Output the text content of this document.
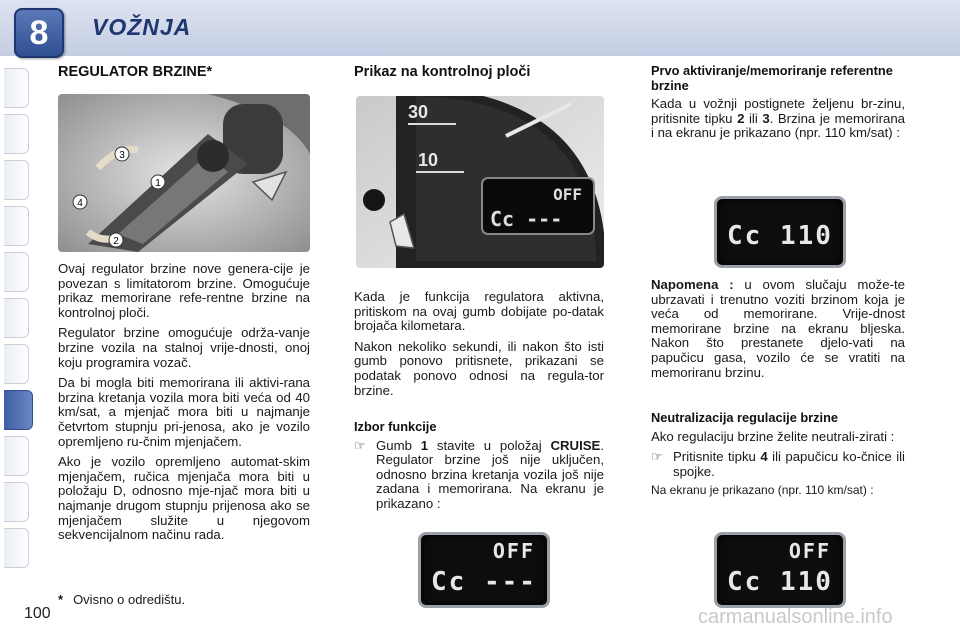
8	VOŽNJA
REGULATOR BRZINE*
3
1
4
2

Ovaj regulator brzine nove genera-cije je povezan s limitatorom brzine. Omogućuje prikaz memorirane refe-rentne brzine na kontrolnoj ploči.

Regulator brzine omogućuje održa-vanje brzine vozila na stalnoj vrije-dnosti, onoj koju programira vozač.

Da bi mogla biti memorirana ili aktivi-rana brzina kretanja vozila mora biti veća od 40 km/sat, a mjenjač mora biti u najmanje četvrtom stupnju pri-jenosa, ako je vozilo opremljeno ru-čnim mjenjačem.

Ako je vozilo opremljeno automat-skim mjenjačem, ručica mjenjača mora biti u položaju D, odnosno mje-njač mora biti u najmanje drugom stupnju prijenosa ako se mjenjačem služite u njegovom sekvencijalnom načinu rada.

* Ovisno o odredištu.
Prikaz na kontrolnoj ploči
30
10
OFF
Cc ---

Kada je funkcija regulatora aktivna, pritiskom na ovaj gumb dobijate po-datak brojača kilometara.

Nakon nekoliko sekundi, ili nakon što isti gumb ponovo pritisnete, prikazani se podatak ponovo odnosi na regula-tor brzine.

Izbor funkcije
☞ Gumb 1 stavite u položaj CRUISE. Regulator brzine još nije uključen, odnosno brzina kretanja vozila još nije zadana i memorirana. Na ekranu je prikazano :
OFF
Cc ---
Prvo aktiviranje/memoriranje referentne brzine

Kada u vožnji postignete željenu br-zinu, pritisnite tipku 2 ili 3. Brzina je memorirana i na ekranu je prikazano (npr. 110 km/sat) :

Cc 110

Napomena : u ovom slučaju može-te ubrzavati i trenutno voziti brzinom koja je veća od memorirane. Vrije-dnost memorirane brzine na ekranu bljeska. Nakon što prestanete djelo-vati na papučicu gasa, vozilo će se vratiti na memoriranu brzinu.

Neutralizacija regulacije brzine

Ako regulaciju brzine želite neutrali-zirati :

☞ Pritisnite tipku 4 ili papučicu ko-čnice ili spojke.

Na ekranu je prikazano (npr. 110 km/sat) :

OFF
Cc 110
100	carmanualsonline.info
